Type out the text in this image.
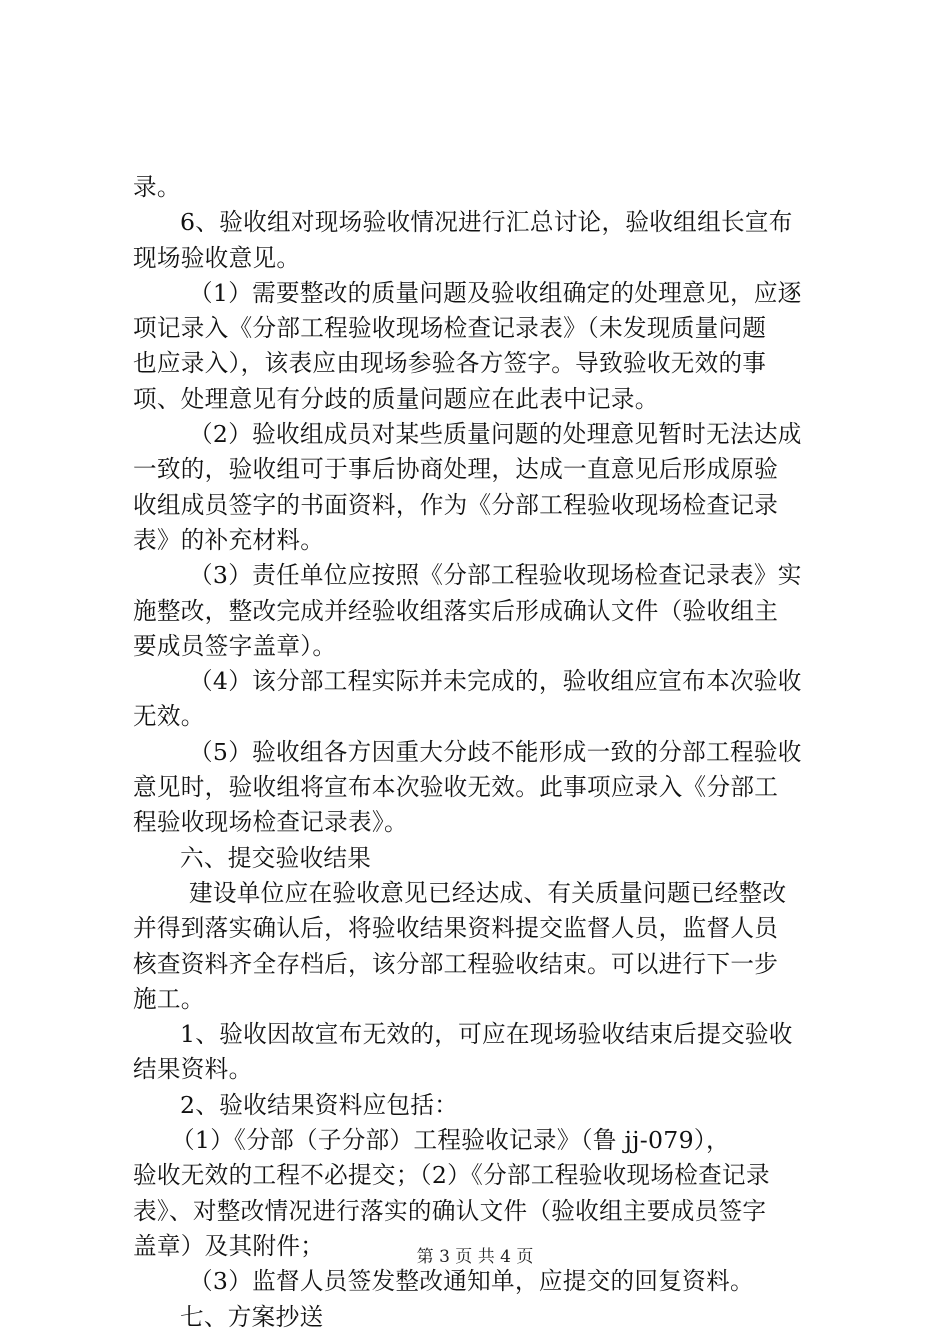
录。
6、验收组对现场验收情况进行汇总讨论，验收组组长宣布
现场验收意见。
（1）需要整改的质量问题及验收组确定的处理意见，应逐
项记录入《分部工程验收现场检查记录表》（未发现质量问题
也应录入），该表应由现场参验各方签字。导致验收无效的事
项、处理意见有分歧的质量问题应在此表中记录。
（2）验收组成员对某些质量问题的处理意见暂时无法达成
一致的，验收组可于事后协商处理，达成一直意见后形成原验
收组成员签字的书面资料，作为《分部工程验收现场检查记录
表》的补充材料。
（3）责任单位应按照《分部工程验收现场检查记录表》实
施整改，整改完成并经验收组落实后形成确认文件（验收组主
要成员签字盖章）。
（4）该分部工程实际并未完成的，验收组应宣布本次验收
无效。
（5）验收组各方因重大分歧不能形成一致的分部工程验收
意见时，验收组将宣布本次验收无效。此事项应录入《分部工
程验收现场检查记录表》。
六、提交验收结果
建设单位应在验收意见已经达成、有关质量问题已经整改
并得到落实确认后，将验收结果资料提交监督人员，监督人员
核查资料齐全存档后，该分部工程验收结束。可以进行下一步
施工。
1、验收因故宣布无效的，可应在现场验收结束后提交验收
结果资料。
2、验收结果资料应包括：
（1）《分部（子分部）工程验收记录》（鲁 jj-079），
验收无效的工程不必提交；（2）《分部工程验收现场检查记录
表》、对整改情况进行落实的确认文件（验收组主要成员签字
盖章）及其附件；
（3）监督人员签发整改通知单，应提交的回复资料。
七、方案抄送
第 3 页 共 4 页
